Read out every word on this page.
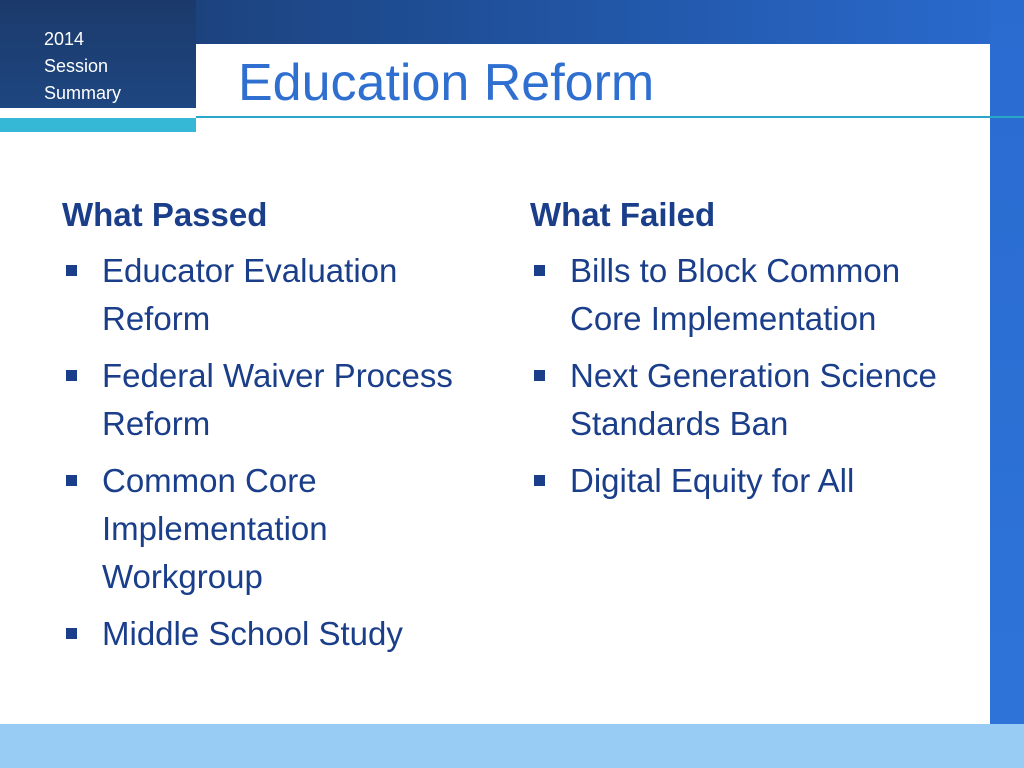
2014
Session
Summary Education Reform
What Passed
Educator Evaluation Reform
Federal Waiver Process Reform
Common Core Implementation Workgroup
Middle School Study
What Failed
Bills to Block Common Core Implementation
Next Generation Science Standards Ban
Digital Equity for All
